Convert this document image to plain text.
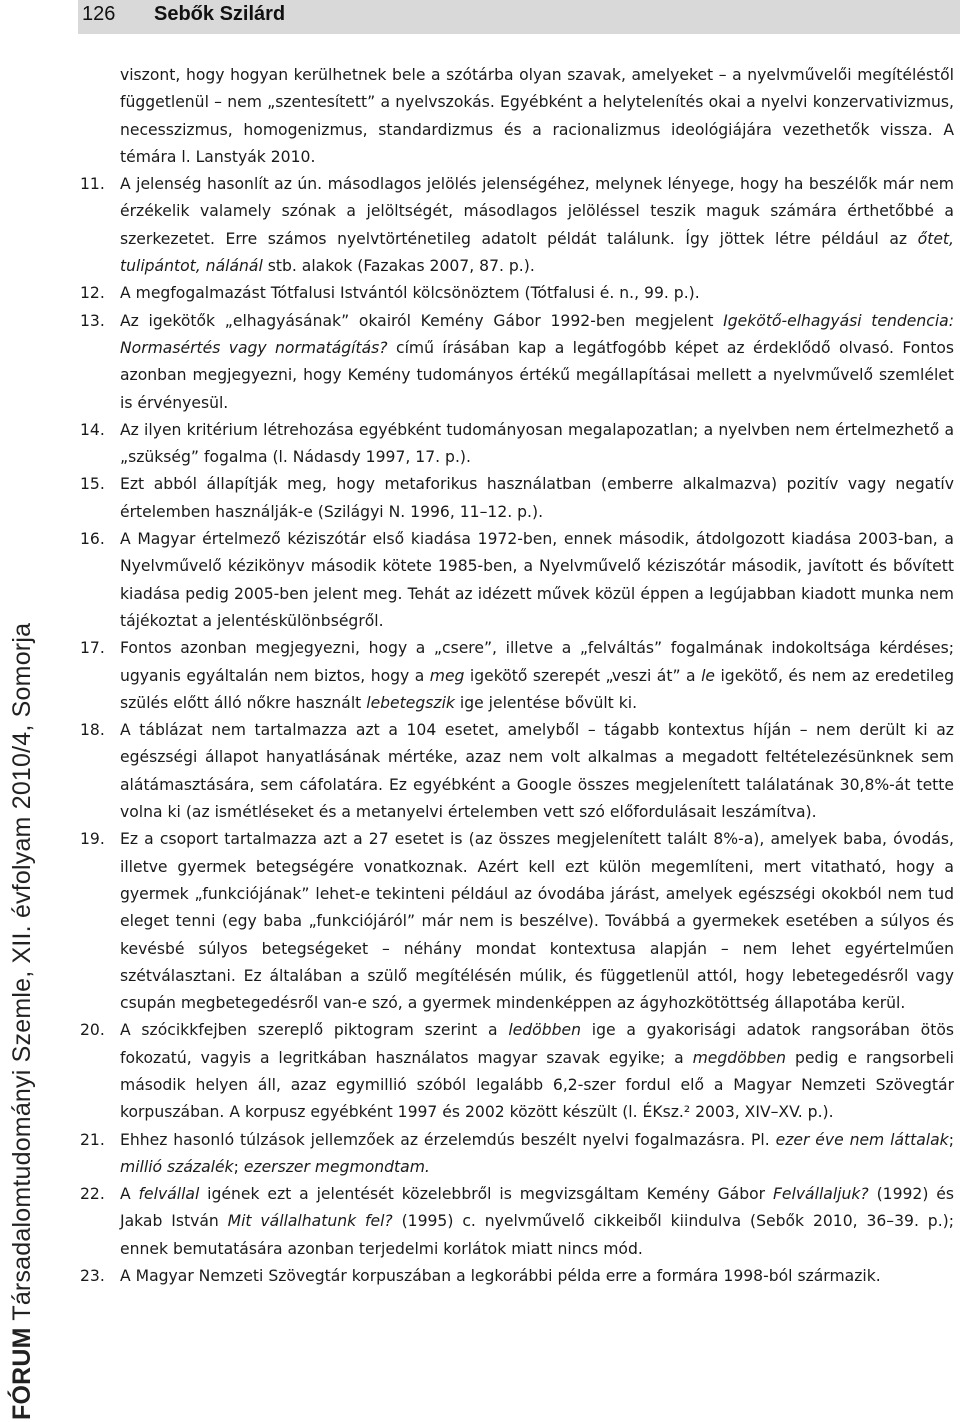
126 Sebők Szilárd
FÓRUM Társadalomtudományi Szemle, XII. évfolyam 2010/4, Somorja

viszont, hogy hogyan kerülhetnek bele a szótárba olyan szavak, amelyeket – a nyelvművelői megítéléstől függetlenül – nem „szentesített” a nyelvszokás. Egyébként a helytelenítés okai a nyelvi konzervativizmus, necesszizmus, homogenizmus, standardizmus és a racionalizmus ideológiájára vezethetők vissza. A témára l. Lanstyák 2010.

11. A jelenség hasonlít az ún. másodlagos jelölés jelenségéhez, melynek lényege, hogy ha beszélők már nem érzékelik valamely szónak a jelöltségét, másodlagos jelöléssel teszik maguk számára érthetőbbé a szerkezetet. Erre számos nyelvtörténetileg adatolt példát találunk. Így jöttek létre például az őtet, tulipántot, nálánál stb. alakok (Fazakas 2007, 87. p.).

12. A megfogalmazást Tótfalusi Istvántól kölcsönöztem (Tótfalusi é. n., 99. p.).

13. Az igekötők „elhagyásának” okairól Kemény Gábor 1992-ben megjelent Igekötő-elhagyási tendencia: Normasértés vagy normatágítás? című írásában kap a legátfogóbb képet az érdeklődő olvasó. Fontos azonban megjegyezni, hogy Kemény tudományos értékű megállapításai mellett a nyelvművelő szemlélet is érvényesül.

14. Az ilyen kritérium létrehozása egyébként tudományosan megalapozatlan; a nyelvben nem értelmezhető a „szükség” fogalma (l. Nádasdy 1997, 17. p.).

15. Ezt abból állapítják meg, hogy metaforikus használatban (emberre alkalmazva) pozitív vagy negatív értelemben használják-e (Szilágyi N. 1996, 11–12. p.).

16. A Magyar értelmező kéziszótár első kiadása 1972-ben, ennek második, átdolgozott kiadása 2003-ban, a Nyelvművelő kézikönyv második kötete 1985-ben, a Nyelvművelő kéziszótár második, javított és bővített kiadása pedig 2005-ben jelent meg. Tehát az idézett művek közül éppen a legújabban kiadott munka nem tájékoztat a jelentéskülönbségről.

17. Fontos azonban megjegyezni, hogy a „csere”, illetve a „felváltás” fogalmának indokoltsága kérdéses; ugyanis egyáltalán nem biztos, hogy a meg igekötő szerepét „veszi át” a le igekötő, és nem az eredetileg szülés előtt álló nőkre használt lebetegszik ige jelentése bővült ki.

18. A táblázat nem tartalmazza azt a 104 esetet, amelyből – tágabb kontextus híján – nem derült ki az egészségi állapot hanyatlásának mértéke, azaz nem volt alkalmas a megadott feltételezésünknek sem alátámasztására, sem cáfolatára. Ez egyébként a Google összes megjelenített találatának 30,8%-át tette volna ki (az ismétléseket és a metanyelvi értelemben vett szó előfordulásait leszámítva).

19. Ez a csoport tartalmazza azt a 27 esetet is (az összes megjelenített talált 8%-a), amelyek baba, óvodás, illetve gyermek betegségére vonatkoznak. Azért kell ezt külön megemlíteni, mert vitatható, hogy a gyermek „funkciójának” lehet-e tekinteni például az óvodába járást, amelyek egészségi okokból nem tud eleget tenni (egy baba „funkciójáról” már nem is beszélve). Továbbá a gyermekek esetében a súlyos és kevésbé súlyos betegségeket – néhány mondat kontextusa alapján – nem lehet egyértelműen szétválasztani. Ez általában a szülő megítélésén múlik, és függetlenül attól, hogy lebetegedésről vagy csupán megbetegedésről van-e szó, a gyermek mindenképpen az ágyhozkötöttség állapotába kerül.

20. A szócikkfejben szereplő piktogram szerint a ledöbben ige a gyakorisági adatok rangsorában ötös fokozatú, vagyis a legritkában használatos magyar szavak egyike; a megdöbben pedig e rangsorbeli második helyen áll, azaz egymillió szóból legalább 6,2-szer fordul elő a Magyar Nemzeti Szövegtár korpuszában. A korpusz egyébként 1997 és 2002 között készült (l. ÉKsz.² 2003, XIV–XV. p.).

21. Ehhez hasonló túlzások jellemzőek az érzelemdús beszélt nyelvi fogalmazásra. Pl. ezer éve nem láttalak; millió százalék; ezerszer megmondtam.

22. A felvállal igének ezt a jelentését közelebbről is megvizsgáltam Kemény Gábor Felvállaljuk? (1992) és Jakab István Mit vállalhatunk fel? (1995) c. nyelvművelő cikkeiből kiindulva (Sebők 2010, 36–39. p.); ennek bemutatására azonban terjedelmi korlátok miatt nincs mód.

23. A Magyar Nemzeti Szövegtár korpuszában a legkorábbi példa erre a formára 1998-ból származik.
